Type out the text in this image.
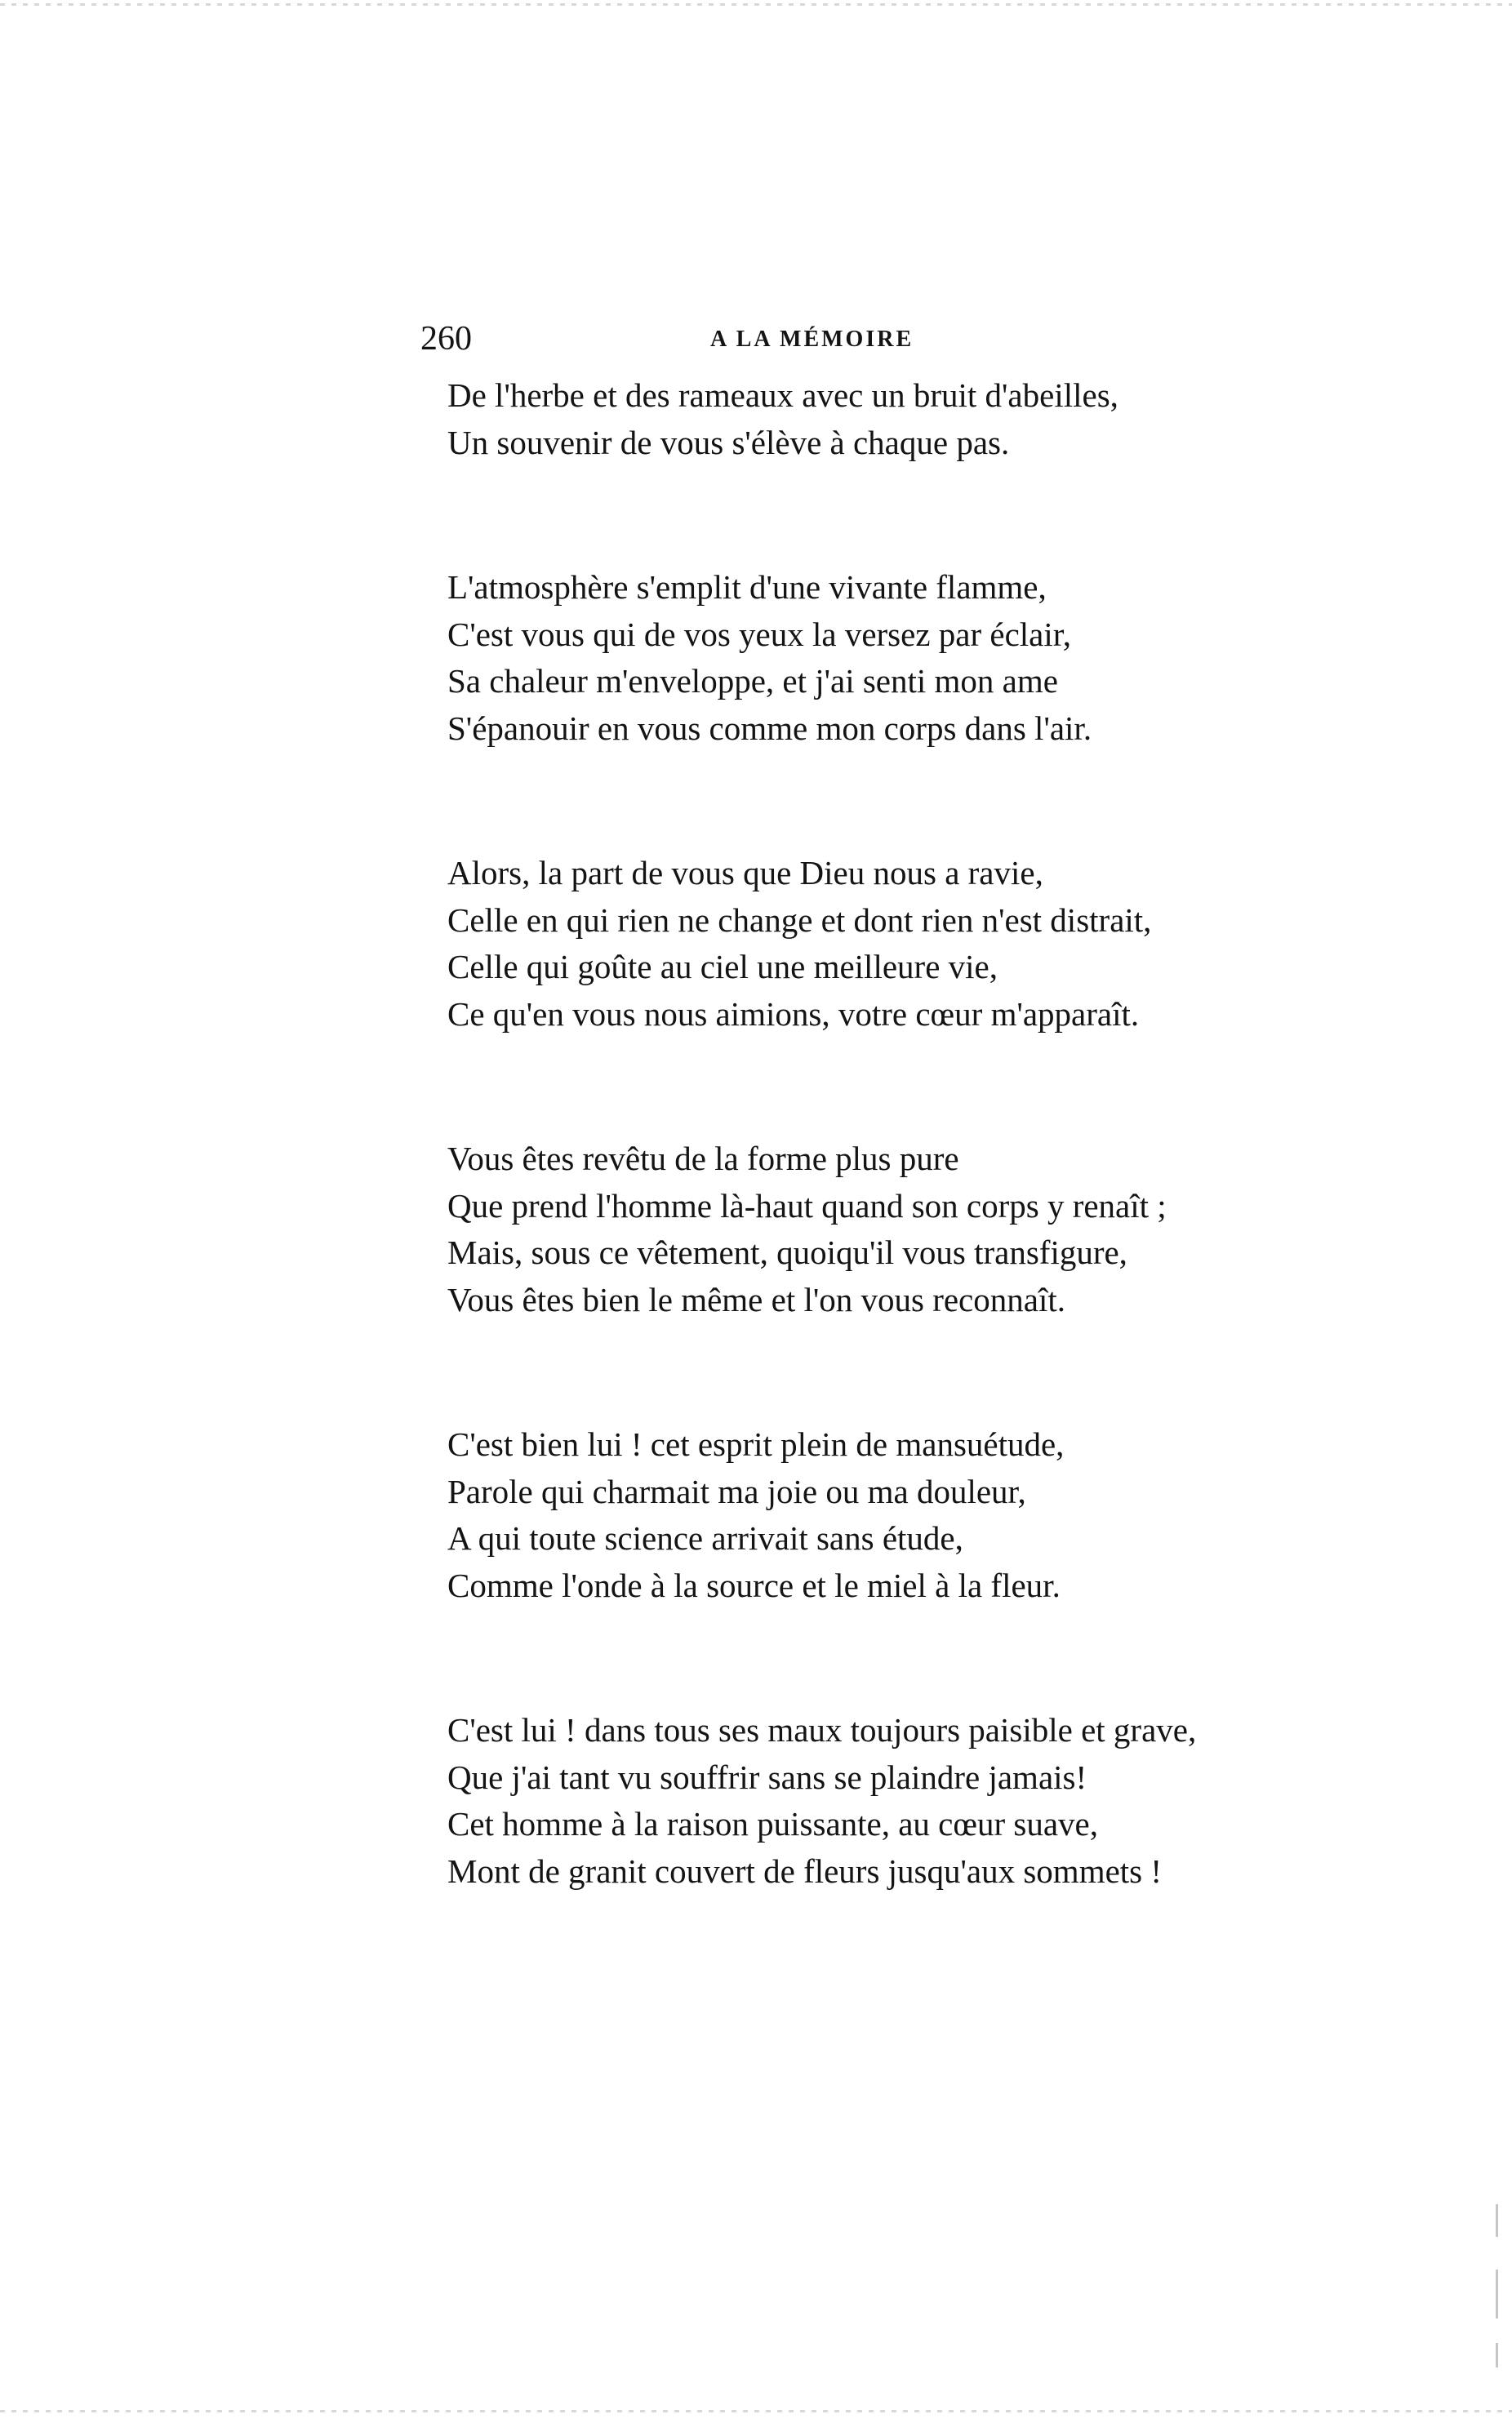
260	A LA MÉMOIRE

De l'herbe et des rameaux avec un bruit d'abeilles,
Un souvenir de vous s'élève à chaque pas.

L'atmosphère s'emplit d'une vivante flamme,
C'est vous qui de vos yeux la versez par éclair,
Sa chaleur m'enveloppe, et j'ai senti mon ame
S'épanouir en vous comme mon corps dans l'air.

Alors, la part de vous que Dieu nous a ravie,
Celle en qui rien ne change et dont rien n'est distrait,
Celle qui goûte au ciel une meilleure vie,
Ce qu'en vous nous aimions, votre cœur m'apparaît.

Vous êtes revêtu de la forme plus pure
Que prend l'homme là-haut quand son corps y renaît ;
Mais, sous ce vêtement, quoiqu'il vous transfigure,
Vous êtes bien le même et l'on vous reconnaît.

C'est bien lui ! cet esprit plein de mansuétude,
Parole qui charmait ma joie ou ma douleur,
A qui toute science arrivait sans étude,
Comme l'onde à la source et le miel à la fleur.

C'est lui ! dans tous ses maux toujours paisible et grave,
Que j'ai tant vu souffrir sans se plaindre jamais!
Cet homme à la raison puissante, au cœur suave,
Mont de granit couvert de fleurs jusqu'aux sommets !
